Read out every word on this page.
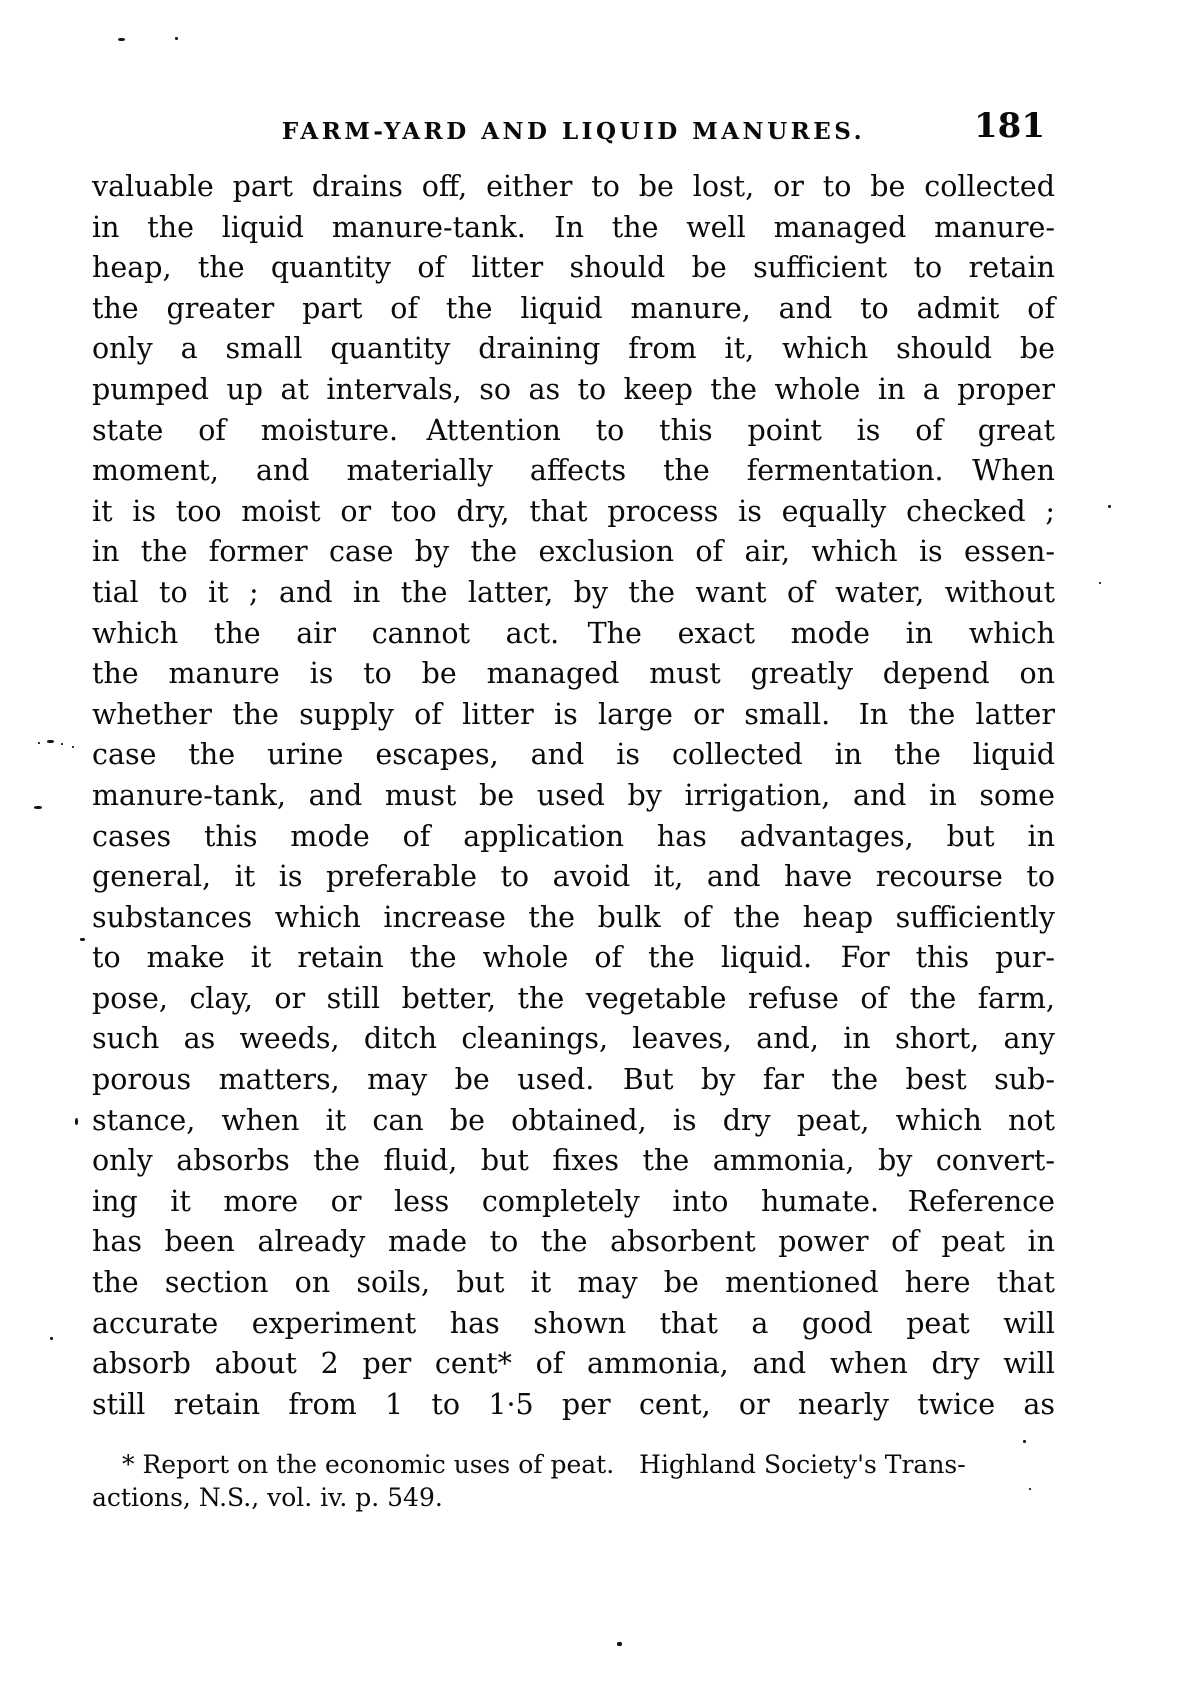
FARM-YARD AND LIQUID MANURES.	181
valuable part drains off, either to be lost, or to be collected
in the liquid manure-tank. In the well managed manure-
heap, the quantity of litter should be sufficient to retain
the greater part of the liquid manure, and to admit of
only a small quantity draining from it, which should be
pumped up at intervals, so as to keep the whole in a proper
state of moisture. Attention to this point is of great
moment, and materially affects the fermentation. When
it is too moist or too dry, that process is equally checked ;
in the former case by the exclusion of air, which is essen-
tial to it ; and in the latter, by the want of water, without
which the air cannot act. The exact mode in which
the manure is to be managed must greatly depend on
whether the supply of litter is large or small. In the latter
case the urine escapes, and is collected in the liquid
manure-tank, and must be used by irrigation, and in some
cases this mode of application has advantages, but in
general, it is preferable to avoid it, and have recourse to
substances which increase the bulk of the heap sufficiently
to make it retain the whole of the liquid. For this pur-
pose, clay, or still better, the vegetable refuse of the farm,
such as weeds, ditch cleanings, leaves, and, in short, any
porous matters, may be used. But by far the best sub-
stance, when it can be obtained, is dry peat, which not
only absorbs the fluid, but fixes the ammonia, by convert-
ing it more or less completely into humate. Reference
has been already made to the absorbent power of peat in
the section on soils, but it may be mentioned here that
accurate experiment has shown that a good peat will
absorb about 2 per cent* of ammonia, and when dry will
still retain from 1 to 1·5 per cent, or nearly twice as
* Report on the economic uses of peat. Highland Society's Trans-
actions, N.S., vol. iv. p. 549.
